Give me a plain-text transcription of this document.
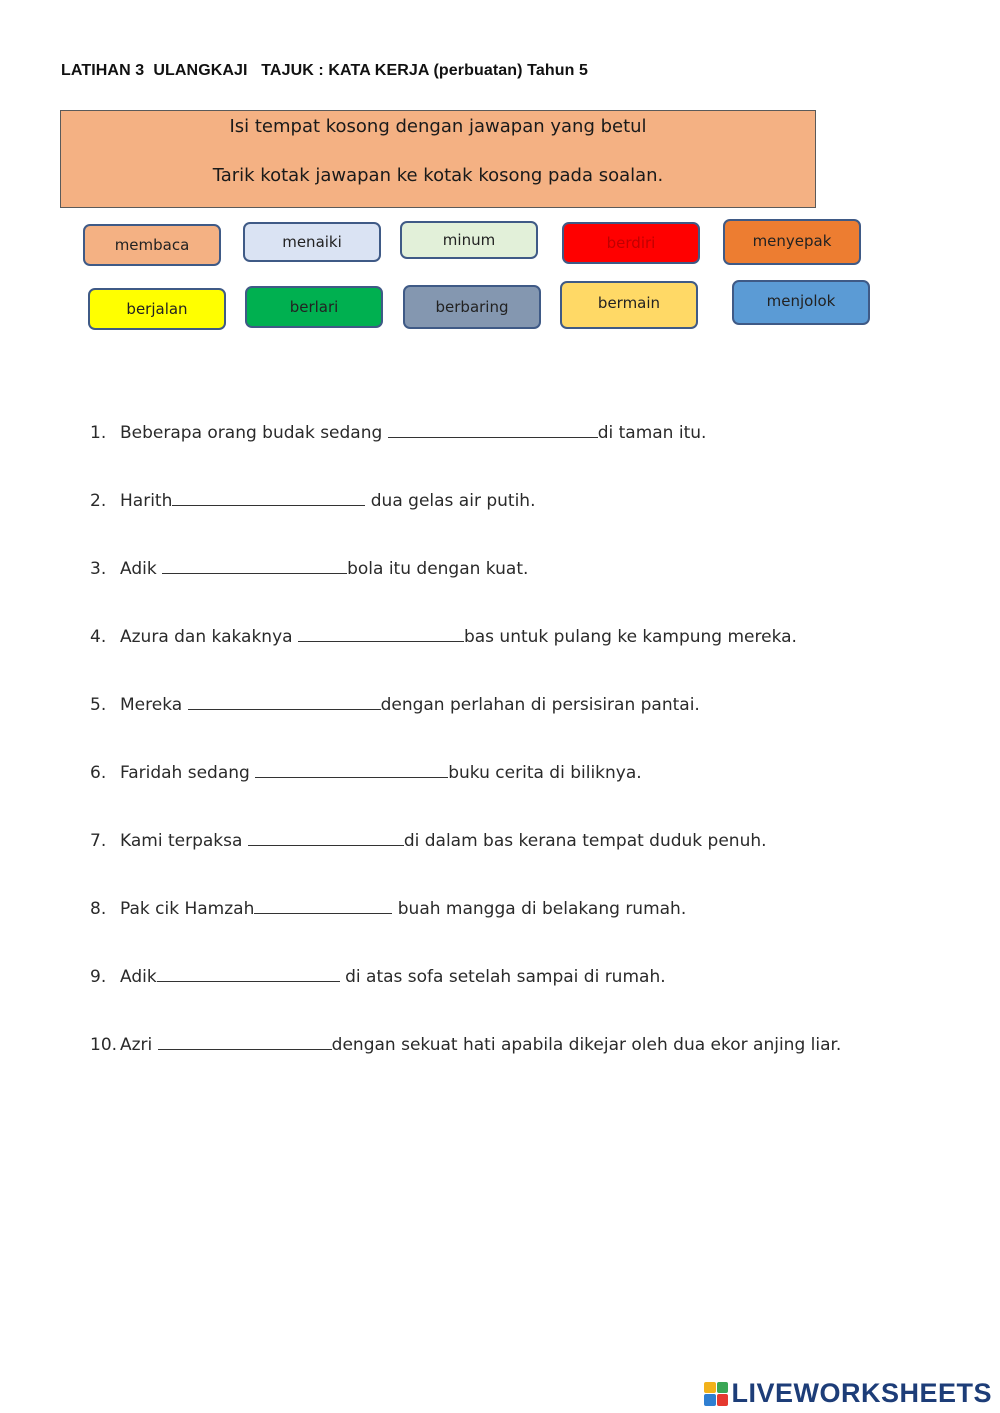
LATIHAN 3  ULANGKAJI   TAJUK : KATA KERJA (perbuatan) Tahun 5
Isi tempat kosong dengan jawapan yang betul
Tarik kotak jawapan ke kotak kosong pada soalan.
membaca	menaiki	minum	berdiri	menyepak
berjalan	berlari	berbaring	bermain	menjolok
1. Beberapa orang budak sedang	di taman itu.
2. Harith	dua gelas air putih.
3. Adik	bola itu dengan kuat.
4. Azura dan kakaknya	bas untuk pulang ke kampung mereka.
5. Mereka	dengan perlahan di persisiran pantai.
6. Faridah sedang	buku cerita di biliknya.
7. Kami terpaksa	di dalam bas kerana tempat duduk penuh.
8. Pak cik Hamzah	buah mangga di belakang rumah.
9. Adik	di atas sofa setelah sampai di rumah.
10. Azri	dengan sekuat hati apabila dikejar oleh dua ekor anjing liar.
LIVEWORKSHEETS
